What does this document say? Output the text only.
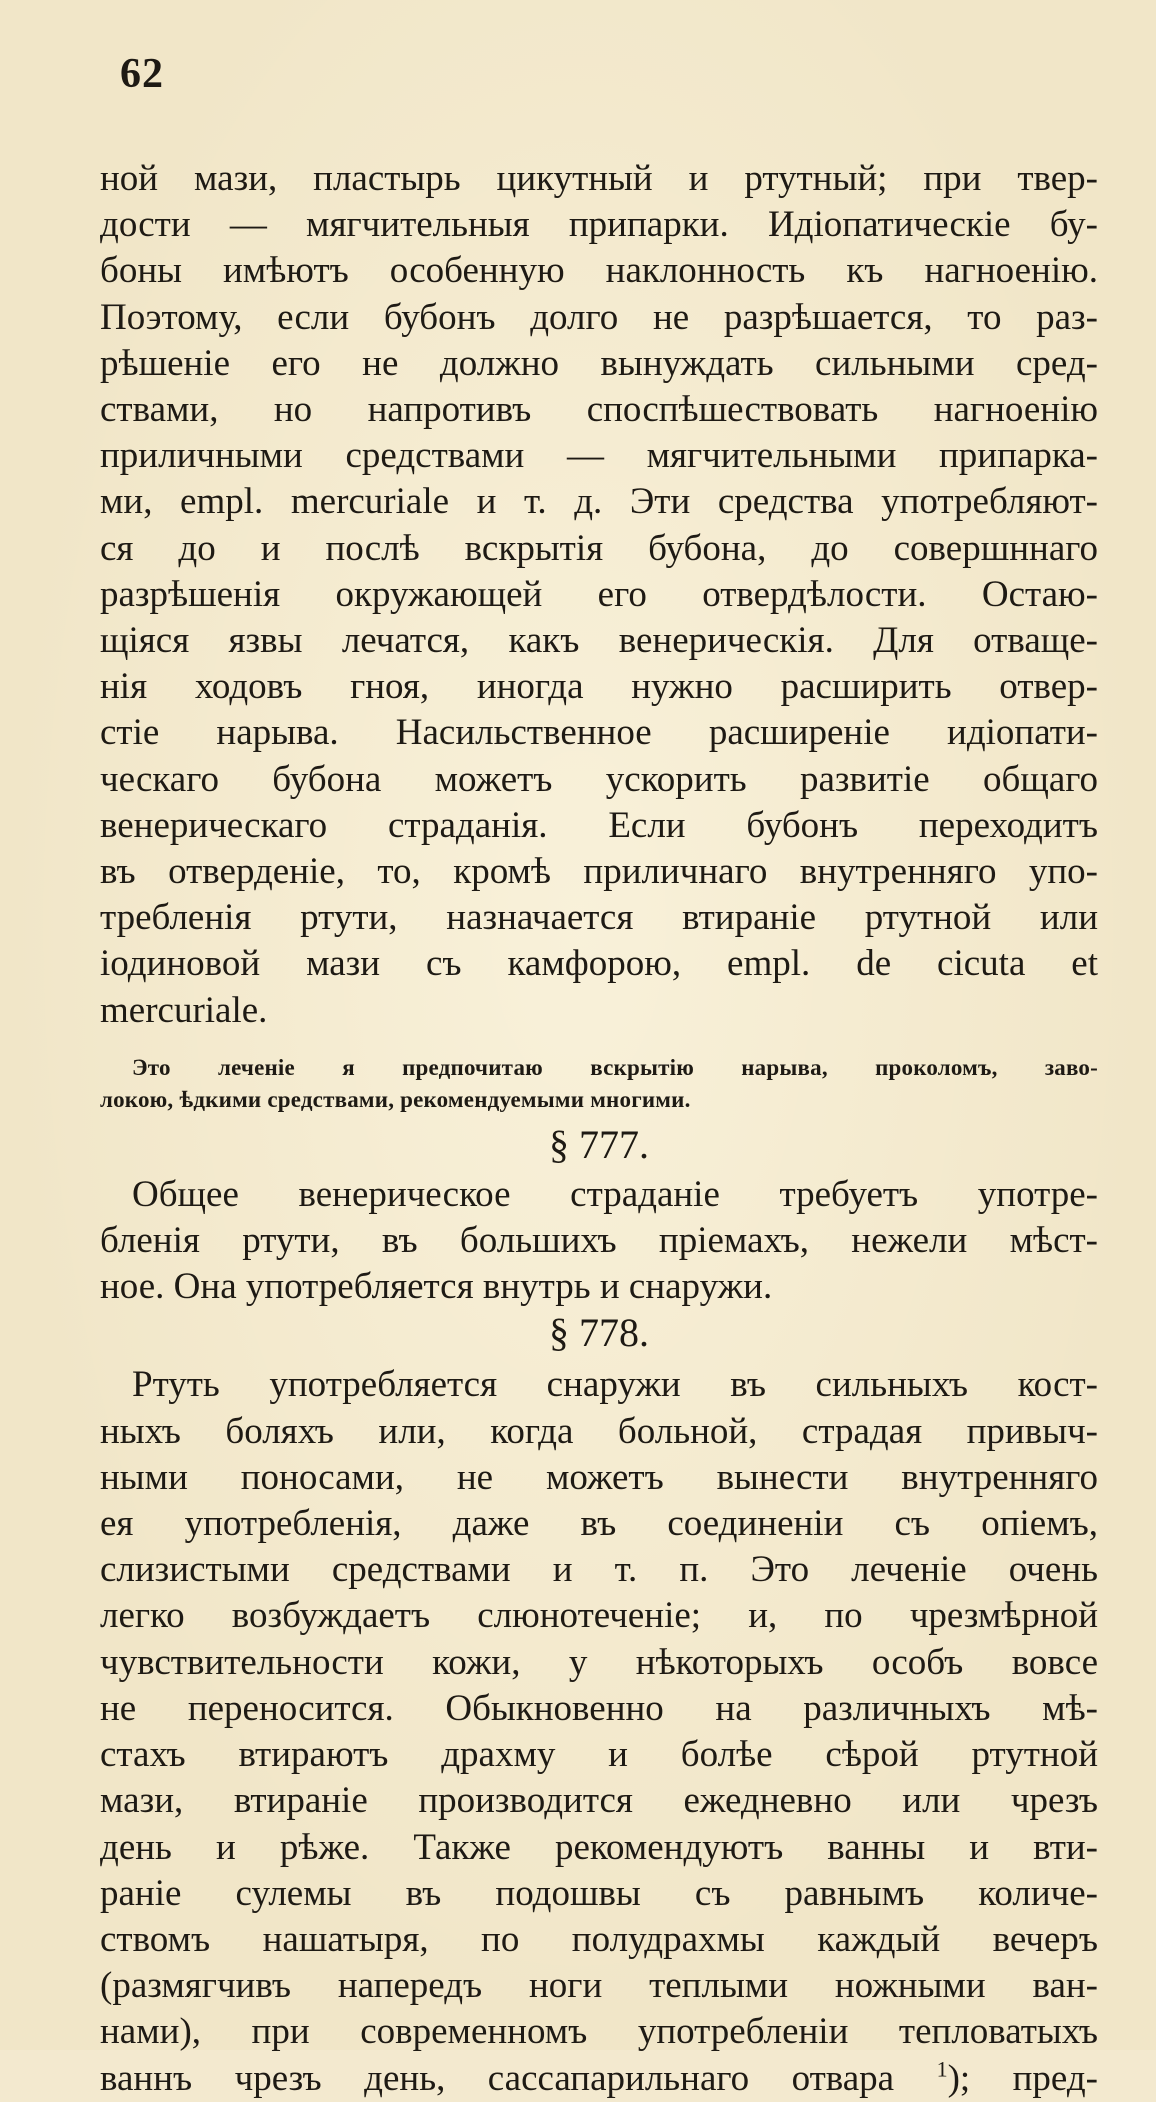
62
ной мази, пластырь цикутный и ртутный; при твер-
дости — мягчительныя припарки. Идіопатическіе бу-
боны имѣютъ особенную наклонность къ нагноенію.
Поэтому, если бубонъ долго не разрѣшается, то раз-
рѣшеніе его не должно вынуждать сильными сред-
ствами, но напротивъ споспѣшествовать нагноенію
приличными средствами — мягчительными припарка-
ми, empl. mercuriale и т. д. Эти средства употребляют-
ся до и послѣ вскрытія бубона, до совершннаго
разрѣшенія окружающей его отвердѣлости. Остаю-
щіяся язвы лечатся, какъ венерическія. Для отваще-
нія ходовъ гноя, иногда нужно расширить отвер-
стіе нарыва. Насильственное расширеніе идіопати-
ческаго бубона можетъ ускорить развитіе общаго
венерическаго страданія. Если бубонъ переходитъ
въ отверденіе, то, кромѣ приличнаго внутренняго упо-
требленія ртути, назначается втираніе ртутной или
іодиновой мази съ камфорою, empl. de cicuta et
mercuriale.
Это леченіе я предпочитаю вскрытію нарыва, проколомъ, заво-
локою, ѣдкими средствами, рекомендуемыми многими.
§ 777.
Общее венерическое страданіе требуетъ употре-
бленія ртути, въ большихъ пріемахъ, нежели мѣст-
ное. Она употребляется внутрь и снаружи.
§ 778.
Ртуть употребляется снаружи въ сильныхъ кост-
ныхъ боляхъ или, когда больной, страдая привыч-
ными поносами, не можетъ вынести внутренняго
ея употребленія, даже въ соединеніи съ опіемъ,
слизистыми средствами и т. п. Это леченіе очень
легко возбуждаетъ слюнотеченіе; и, по чрезмѣрной
чувствительности кожи, у нѣкоторыхъ особъ вовсе
не переносится. Обыкновенно на различныхъ мѣ-
стахъ втираютъ драхму и болѣе сѣрой ртутной
мази, втираніе производится ежедневно или чрезъ
день и рѣже. Также рекомендуютъ ванны и вти-
раніе сулемы въ подошвы съ равнымъ количе-
ствомъ нашатыря, по полудрахмы каждый вечеръ
(размягчивъ напередъ ноги теплыми ножными ван-
нами), при современномъ употребленіи тепловатыхъ
ваннъ чрезъ день, сассапарильнаго отвара $^1$); пред-
